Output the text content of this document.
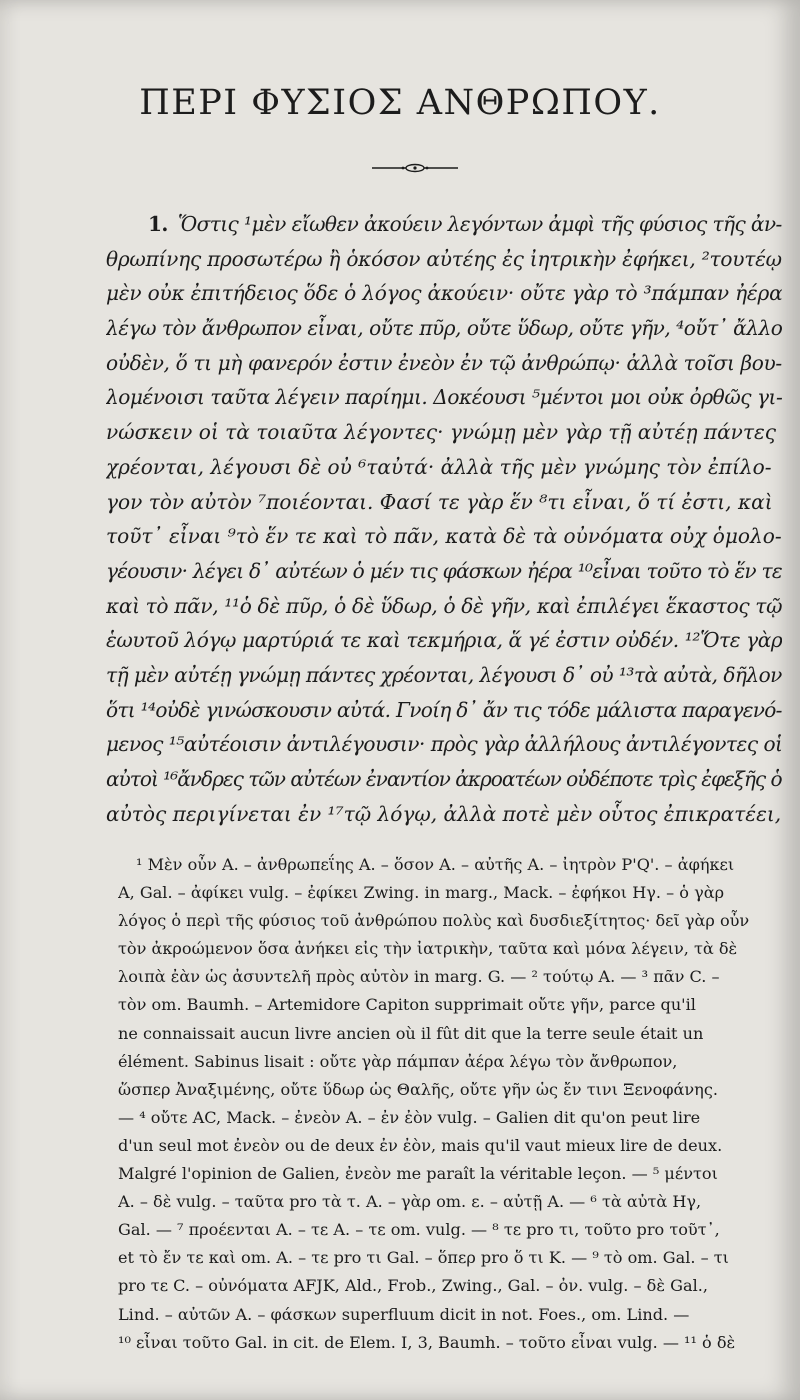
ΠΕΡΙ ΦΥΣΙΟΣ ΑΝΘΡΩΠΟΥ.
1. Ὅστις ¹μὲν εἴωθεν ἀκούειν λεγόντων ἀμφὶ τῆς φύσιος τῆς ἀν-
θρωπίνης προσωτέρω ἢ ὁκόσον αὐτέης ἐς ἰητρικὴν ἐφήκει, ²τουτέῳ
μὲν οὐκ ἐπιτήδειος ὅδε ὁ λόγος ἀκούειν· οὔτε γὰρ τὸ ³πάμπαν ἠέρα
λέγω τὸν ἄνθρωπον εἶναι, οὔτε πῦρ, οὔτε ὕδωρ, οὔτε γῆν, ⁴οὔτ᾽ ἄλλο
οὐδὲν, ὅ τι μὴ φανερόν ἐστιν ἐνεὸν ἐν τῷ ἀνθρώπῳ· ἀλλὰ τοῖσι βου-
λομένοισι ταῦτα λέγειν παρίημι. Δοκέουσι ⁵μέντοι μοι οὐκ ὀρθῶς γι-
νώσκειν οἱ τὰ τοιαῦτα λέγοντες· γνώμῃ μὲν γὰρ τῇ αὐτέῃ πάντες
χρέονται, λέγουσι δὲ οὐ ⁶ταὐτά· ἀλλὰ τῆς μὲν γνώμης τὸν ἐπίλο-
γον τὸν αὐτὸν ⁷ποιέονται. Φασί τε γὰρ ἕν ⁸τι εἶναι, ὅ τί ἐστι, καὶ
τοῦτ᾽ εἶναι ⁹τὸ ἕν τε καὶ τὸ πᾶν, κατὰ δὲ τὰ οὐνόματα οὐχ ὁμολο-
γέουσιν· λέγει δ᾽ αὐτέων ὁ μέν τις φάσκων ἠέρα ¹⁰εἶναι τοῦτο τὸ ἕν τε
καὶ τὸ πᾶν, ¹¹ὁ δὲ πῦρ, ὁ δὲ ὕδωρ, ὁ δὲ γῆν, καὶ ἐπιλέγει ἕκαστος τῷ
ἑωυτοῦ λόγῳ μαρτύριά τε καὶ τεκμήρια, ἅ γέ ἐστιν οὐδέν. ¹²Ὅτε γὰρ
τῇ μὲν αὐτέῃ γνώμῃ πάντες χρέονται, λέγουσι δ᾽ οὐ ¹³τὰ αὐτὰ, δῆλον
ὅτι ¹⁴οὐδὲ γινώσκουσιν αὐτά. Γνοίη δ᾽ ἄν τις τόδε μάλιστα παραγενό-
μενος ¹⁵αὐτέοισιν ἀντιλέγουσιν· πρὸς γὰρ ἀλλήλους ἀντιλέγοντες οἱ
αὐτοὶ ¹⁶ἄνδρες τῶν αὐτέων ἐναντίον ἀκροατέων οὐδέποτε τρὶς ἐφεξῆς ὁ
αὐτὸς περιγίνεται ἐν ¹⁷τῷ λόγῳ, ἀλλὰ ποτὲ μὲν οὗτος ἐπικρατέει,
¹ Μὲν οὖν A. – ἀνθρωπεΐης A. – ὅσον A. – αὐτῆς A. – ἰητρὸν P'Q'. – ἀφήκει
A, Gal. – ἀφίκει vulg. – ἐφίκει Zwing. in marg., Mack. – ἐφήκοι Hγ. – ὁ γὰρ
λόγος ὁ περὶ τῆς φύσιος τοῦ ἀνθρώπου πολὺς καὶ δυσδιεξίτητος· δεῖ γὰρ οὖν
τὸν ἀκροώμενον ὅσα ἀνήκει εἰς τὴν ἰατρικὴν, ταῦτα καὶ μόνα λέγειν, τὰ δὲ
λοιπὰ ἐὰν ὡς ἀσυντελῆ πρὸς αὐτὸν in marg. G. — ² τούτῳ A. — ³ πᾶν C. –
τὸν om. Baumh. – Artemidore Capiton supprimait οὔτε γῆν, parce qu'il
ne connaissait aucun livre ancien où il fût dit que la terre seule était un
élément. Sabinus lisait : οὔτε γὰρ πάμπαν ἀέρα λέγω τὸν ἄνθρωπον,
ὥσπερ Ἀναξιμένης, οὔτε ὕδωρ ὡς Θαλῆς, οὔτε γῆν ὡς ἔν τινι Ξενοφάνης.
— ⁴ οὔτε AC, Mack. – ἐνεὸν A. – ἐν ἐὸν vulg. – Galien dit qu'on peut lire
d'un seul mot ἐνεὸν ou de deux ἐν ἐὸν, mais qu'il vaut mieux lire de deux.
Malgré l'opinion de Galien, ἐνεὸν me paraît la véritable leçon. — ⁵ μέντοι
A. – δὲ vulg. – ταῦτα pro τὰ τ. A. – γὰρ om. ε. – αὐτῇ A. — ⁶ τὰ αὐτὰ Hγ,
Gal. — ⁷ προέενται A. – τε A. – τε om. vulg. — ⁸ τε pro τι, τοῦτο pro τοῦτ᾽,
et τὸ ἔν τε καὶ om. A. – τε pro τι Gal. – ὅπερ pro ὅ τι K. — ⁹ τὸ om. Gal. – τι
pro τε C. – οὐνόματα AFJK, Ald., Frob., Zwing., Gal. – ὀν. vulg. – δὲ Gal.,
Lind. – αὐτῶν A. – φάσκων superfluum dicit in not. Foes., om. Lind. —
¹⁰ εἶναι τοῦτο Gal. in cit. de Elem. I, 3, Baumh. – τοῦτο εἶναι vulg. — ¹¹ ὁ δὲ
